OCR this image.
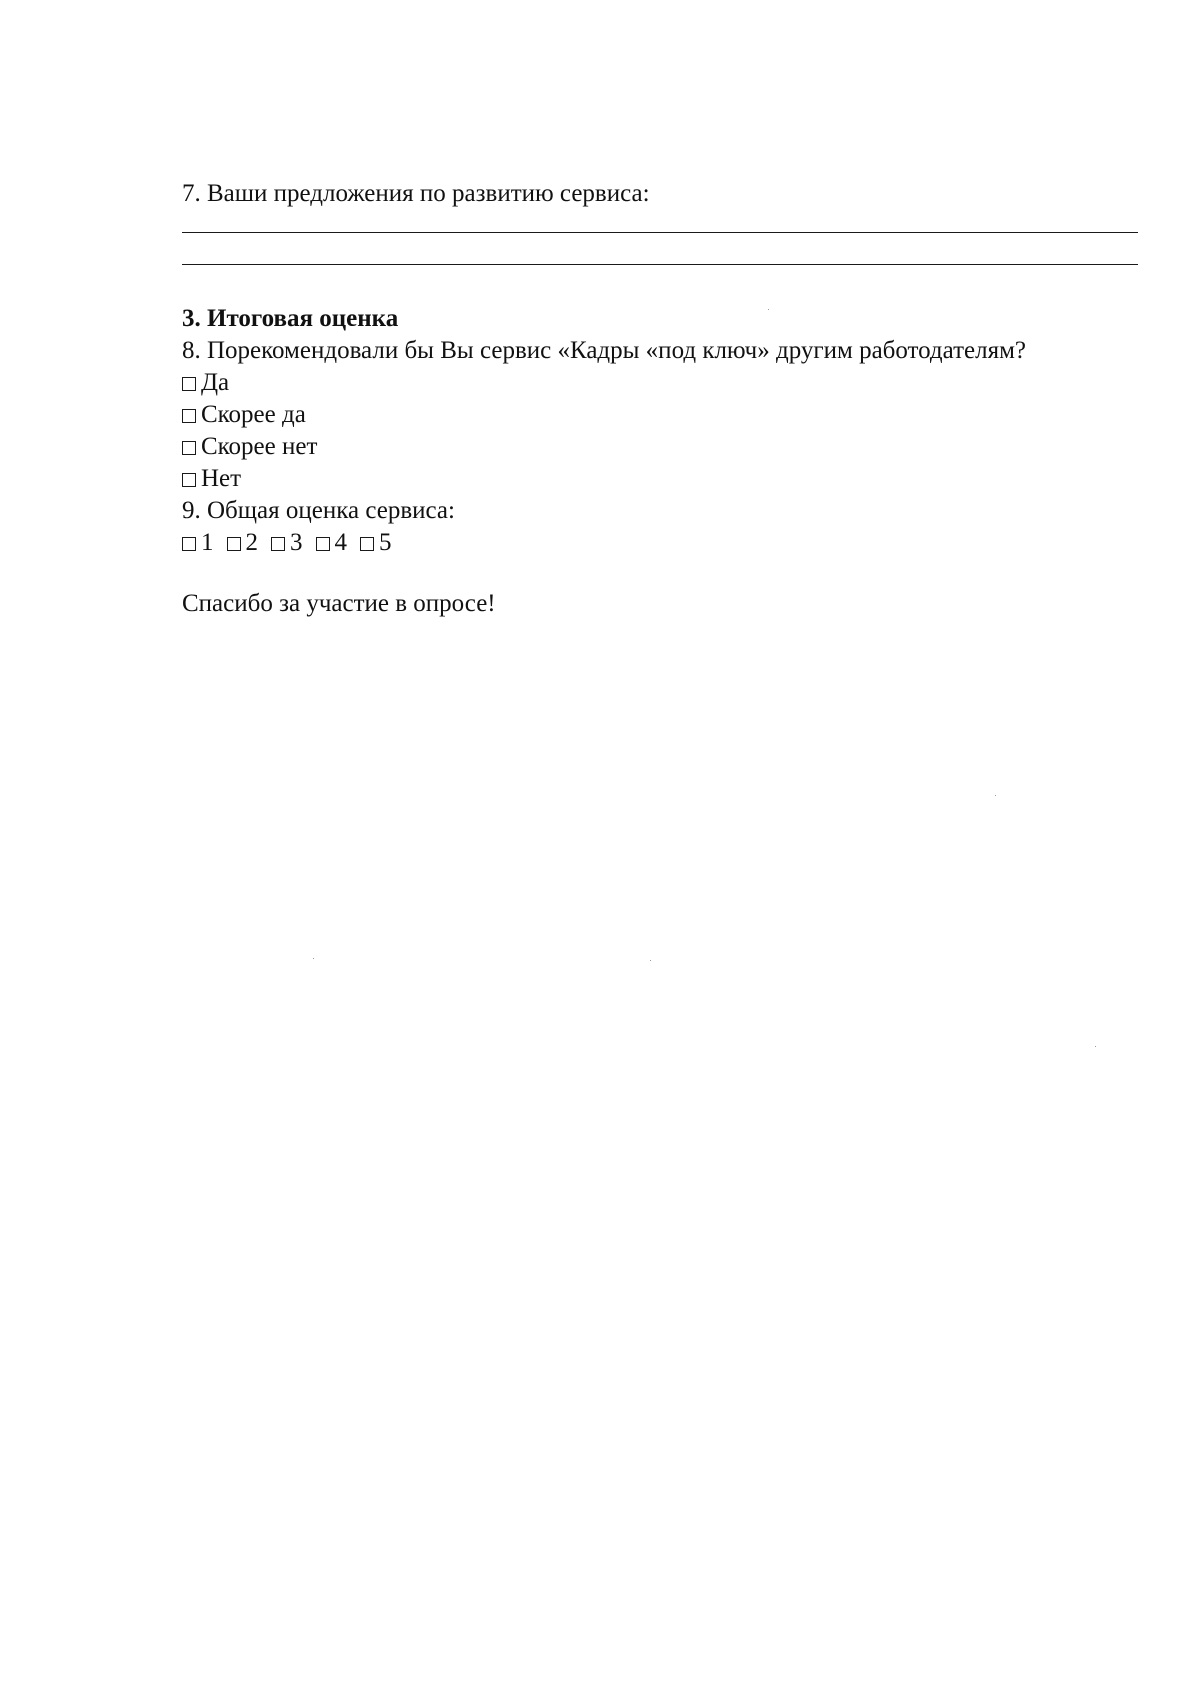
7. Ваши предложения по развитию сервиса:

3. Итоговая оценка

8. Порекомендовали бы Вы сервис «Кадры «под ключ» другим работодателям?

Да
Скорее да
Скорее нет
Нет

9. Общая оценка сервиса:

1 2 3 4 5
Спасибо за участие в опросе!
